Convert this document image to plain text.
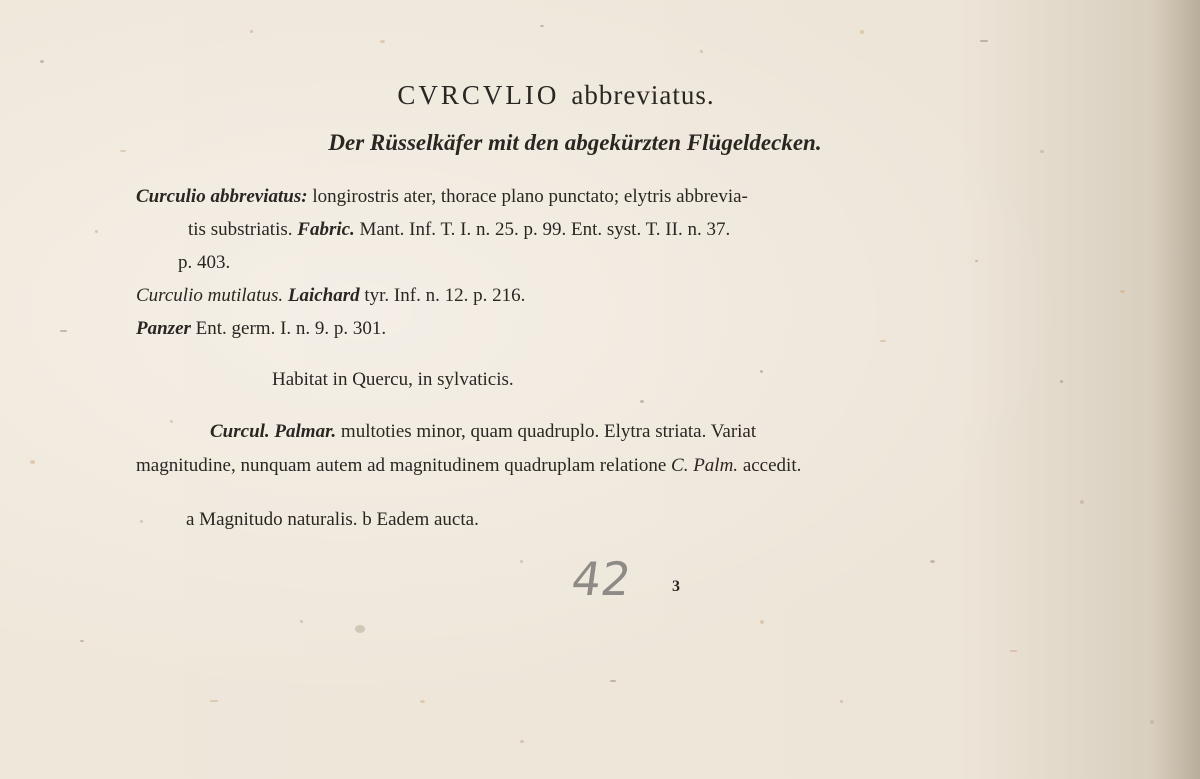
CVRCVLIO abbreviatus.
Der Rüsselkäfer mit den abgekürzten Flügeldecken.
Curculio abbreviatus: longirostris ater, thorace plano punctato; elytris abbrevia-
tis substriatis. Fabric. Mant. Inf. T. I. n. 25. p. 99. Ent. syst. T. II. n. 37.
p. 403.
Curculio mutilatus. Laichard tyr. Inf. n. 12. p. 216.
Panzer Ent. germ. I. n. 9. p. 301.
Habitat in Quercu, in sylvaticis.
Curcul. Palmar. multoties minor, quam quadruplo. Elytra striata. Variat
magnitudine, nunquam autem ad magnitudinem quadruplam relatione C. Palm. accedit.
a Magnitudo naturalis. b Eadem aucta.
42 3
